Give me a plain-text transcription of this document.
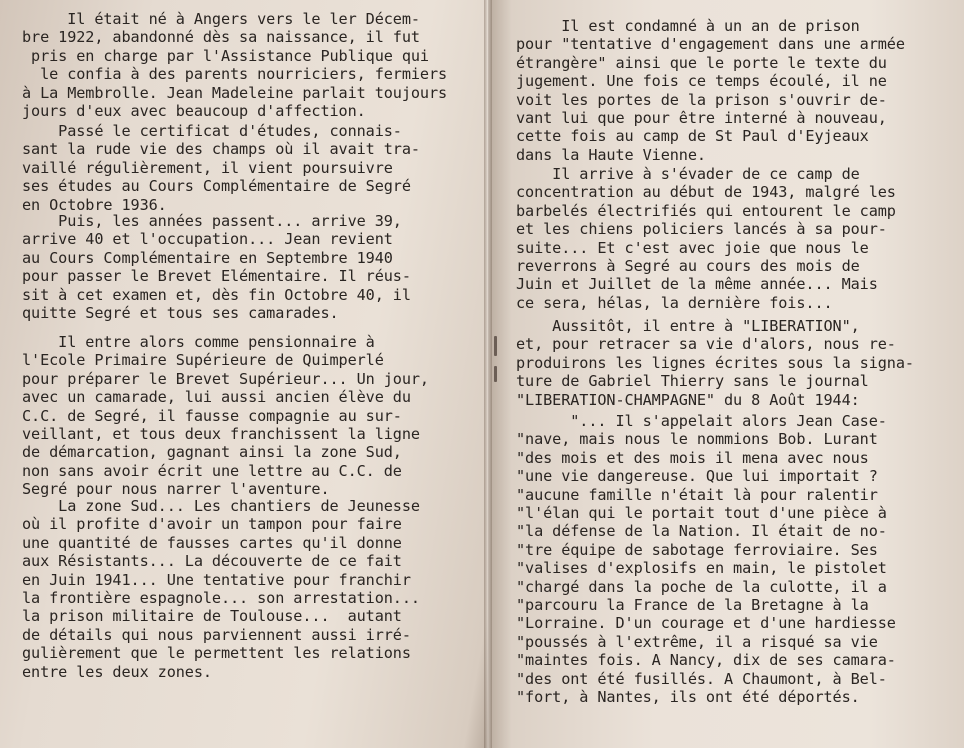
Il était né à Angers vers le ler Décem-
bre 1922, abandonné dès sa naissance, il fut
pris en charge par l'Assistance Publique qui
le confia à des parents nourriciers, fermiers
à La Membrolle. Jean Madeleine parlait toujours
jours d'eux avec beaucoup d'affection.

Passé le certificat d'études, connais-
sant la rude vie des champs où il avait tra-
vaillé régulièrement, il vient poursuivre
ses études au Cours Complémentaire de Segré
en Octobre 1936.

Puis, les années passent... arrive 39,
arrive 40 et l'occupation... Jean revient
au Cours Complémentaire en Septembre 1940
pour passer le Brevet Elémentaire. Il réus-
sit à cet examen et, dès fin Octobre 40, il
quitte Segré et tous ses camarades.

Il entre alors comme pensionnaire à
l'Ecole Primaire Supérieure de Quimperlé
pour préparer le Brevet Supérieur... Un jour,
avec un camarade, lui aussi ancien élève du
C.C. de Segré, il fausse compagnie au sur-
veillant, et tous deux franchissent la ligne
de démarcation, gagnant ainsi la zone Sud,
non sans avoir écrit une lettre au C.C. de
Segré pour nous narrer l'aventure.

La zone Sud... Les chantiers de Jeunesse
où il profite d'avoir un tampon pour faire
une quantité de fausses cartes qu'il donne
aux Résistants... La découverte de ce fait
en Juin 1941... Une tentative pour franchir
la frontière espagnole... son arrestation...
la prison militaire de Toulouse...  autant
de détails qui nous parviennent aussi irré-
gulièrement que le permettent les relations
entre les deux zones.

Il est condamné à un an de prison
pour "tentative d'engagement dans une armée
étrangère" ainsi que le porte le texte du
jugement. Une fois ce temps écoulé, il ne
voit les portes de la prison s'ouvrir de-
vant lui que pour être interné à nouveau,
cette fois au camp de St Paul d'Eyjeaux
dans la Haute Vienne.

Il arrive à s'évader de ce camp de
concentration au début de 1943, malgré les
barbelés électrifiés qui entourent le camp
et les chiens policiers lancés à sa pour-
suite... Et c'est avec joie que nous le
reverrons à Segré au cours des mois de
Juin et Juillet de la même année... Mais
ce sera, hélas, la dernière fois...

Aussitôt, il entre à "LIBERATION",
et, pour retracer sa vie d'alors, nous re-
produirons les lignes écrites sous la signa-
ture de Gabriel Thierry sans le journal
"LIBERATION-CHAMPAGNE" du 8 Août 1944:

"... Il s'appelait alors Jean Case-
"nave, mais nous le nommions Bob. Lurant
"des mois et des mois il mena avec nous
"une vie dangereuse. Que lui importait ?
"aucune famille n'était là pour ralentir
"l'élan qui le portait tout d'une pièce à
"la défense de la Nation. Il était de no-
"tre équipe de sabotage ferroviaire. Ses
"valises d'explosifs en main, le pistolet
"chargé dans la poche de la culotte, il a
"parcouru la France de la Bretagne à la
"Lorraine. D'un courage et d'une hardiesse
"poussés à l'extrême, il a risqué sa vie
"maintes fois. A Nancy, dix de ses camara-
"des ont été fusillés. A Chaumont, à Bel-
"fort, à Nantes, ils ont été déportés.
